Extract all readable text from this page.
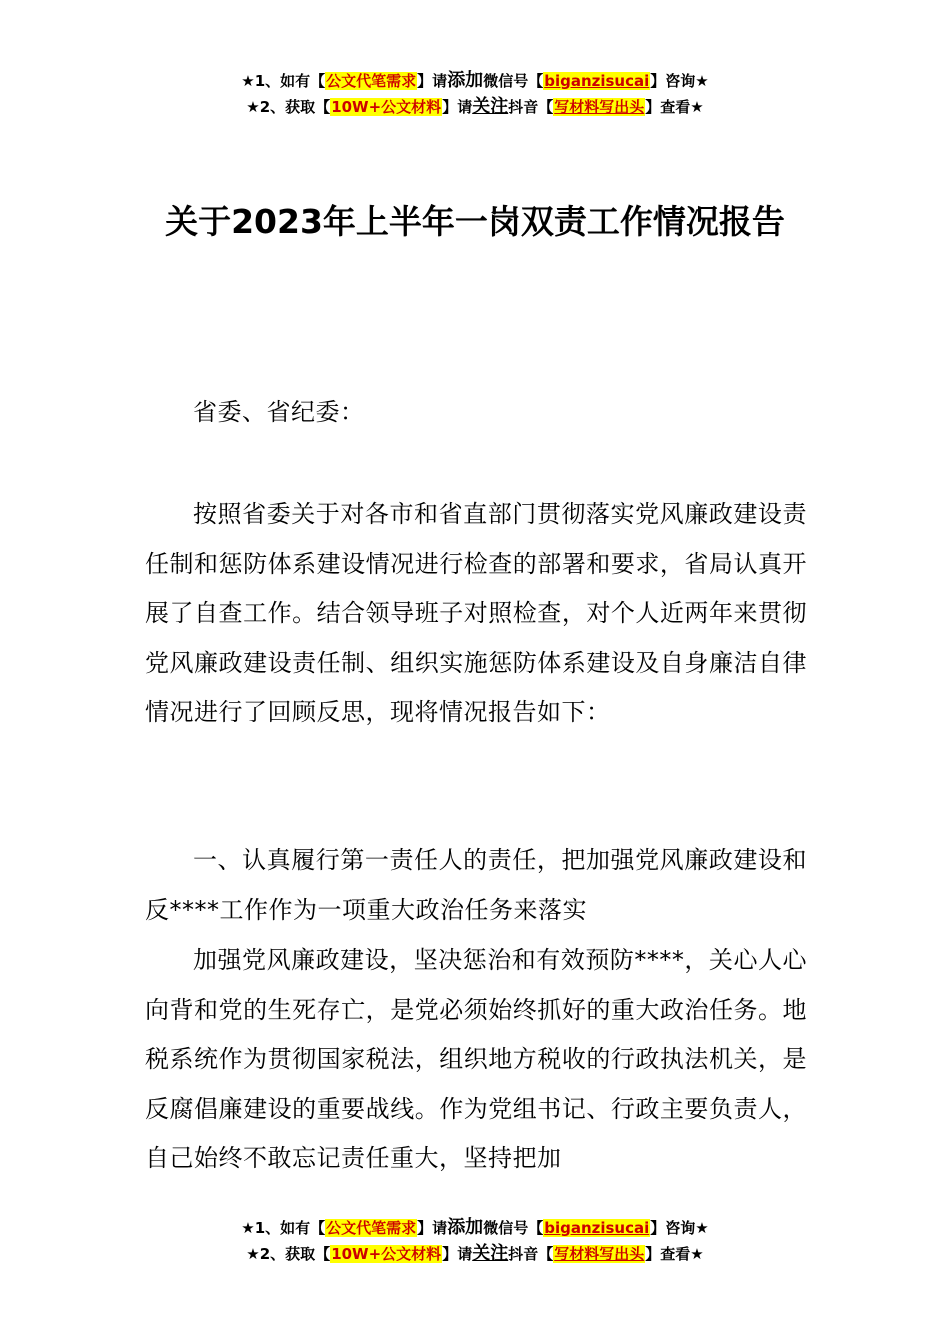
★1、如有【公文代笔需求】请添加微信号【biganzisucai】咨询★
★2、获取【10W+公文材料】请关注抖音【写材料写出头】查看★
关于2023年上半年一岗双责工作情况报告

省委、省纪委：

按照省委关于对各市和省直部门贯彻落实党风廉政建设责任制和惩防体系建设情况进行检查的部署和要求，省局认真开展了自查工作。结合领导班子对照检查，对个人近两年来贯彻党风廉政建设责任制、组织实施惩防体系建设及自身廉洁自律情况进行了回顾反思，现将情况报告如下：

一、认真履行第一责任人的责任，把加强党风廉政建设和反****工作作为一项重大政治任务来落实

加强党风廉政建设，坚决惩治和有效预防****，关心人心向背和党的生死存亡，是党必须始终抓好的重大政治任务。地税系统作为贯彻国家税法，组织地方税收的行政执法机关，是反腐倡廉建设的重要战线。作为党组书记、行政主要负责人，自己始终不敢忘记责任重大，坚持把加

★1、如有【公文代笔需求】请添加微信号【biganzisucai】咨询★
★2、获取【10W+公文材料】请关注抖音【写材料写出头】查看★
